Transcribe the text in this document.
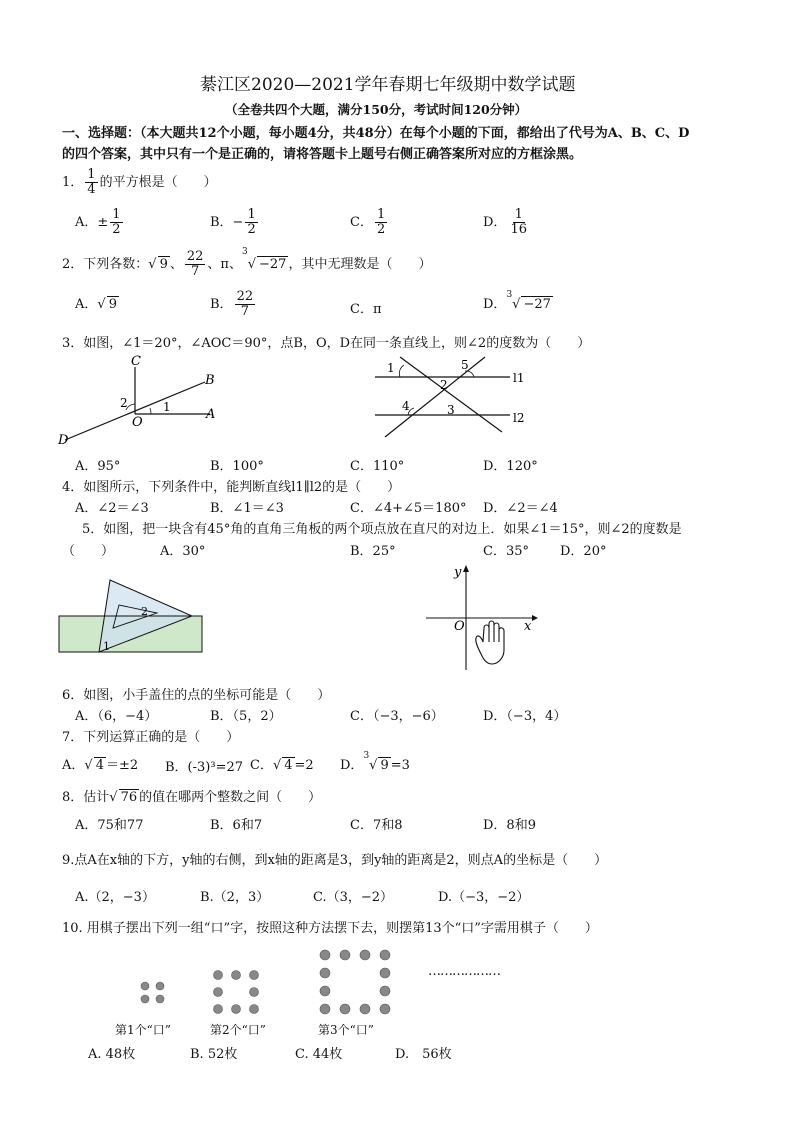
綦江区2020—2021学年春期七年级期中数学试题
（全卷共四个大题，满分150分，考试时间120分钟）
一、选择题：（本大题共12个小题，每小题4分，共48分）在每个小题的下面，都给出了代号为A、B、C、D
的四个答案，其中只有一个是正确的，请将答题卡上题号右侧正确答案所对应的方框涂黑。
1． $\frac{1}{4}$ 的平方根是（　　）
A．± $\frac{1}{2}$	B．− $\frac{1}{2}$	C． $\frac{1}{2}$	D． $\frac{1}{16}$
2．下列各数：√ 9 、 $\frac{22}{7}$ 、π、$^3$√ −27 ，其中无理数是（　　）
A．√ 9	B． $\frac{22}{7}$	C．π	D．$^3$√ −27
3．如图，∠1＝20°，∠AOC＝90°，点B，O，D在同一条直线上，则∠2的度数为（　　）
C
B
A
D
O
2	1
1	5
2
4	3
l1
l2
A．95°	B．100°	C．110°	D．120°
4．如图所示，下列条件中，能判断直线l1∥l2的是（　　）
A．∠2＝∠3	B．∠1＝∠3	C．∠4+∠5＝180° D．∠2＝∠4
5．如图，把一块含有45°角的直角三角板的两个项点放在直尺的对边上．如果∠1＝15°，则∠2的度数是
（　　）	A．30°	B．25°	C．35° D．20°
2
1
y
x
O
6．如图，小手盖住的点的坐标可能是（　　）
A．（6，−4）	B．（5，2）	C．（−3，−6）	D．（−3，4）
7．下列运算正确的是（　　）
A．√ 4 ＝±2 B．(-3)³=27 C．√ 4 =2 D．$^3$√ 9 =3
8．估计√ 76 的值在哪两个整数之间（　　）
A．75和77	B．6和7	C．7和8	D．8和9
9.点A在x轴的下方，y轴的右侧，到x轴的距离是3，到y轴的距离是2，则点A的坐标是（　　）
A.（2，−3）	B.（2，3）	C.（3，−2）	D.（−3，−2）
10. 用棋子摆出下列一组“口”字，按照这种方法摆下去，则摆第13个“口”字需用棋子（　　）
………………
第1个“口”	第2个“口”	第3个“口”
A. 48枚	B. 52枚	C. 44枚	D.　56枚
